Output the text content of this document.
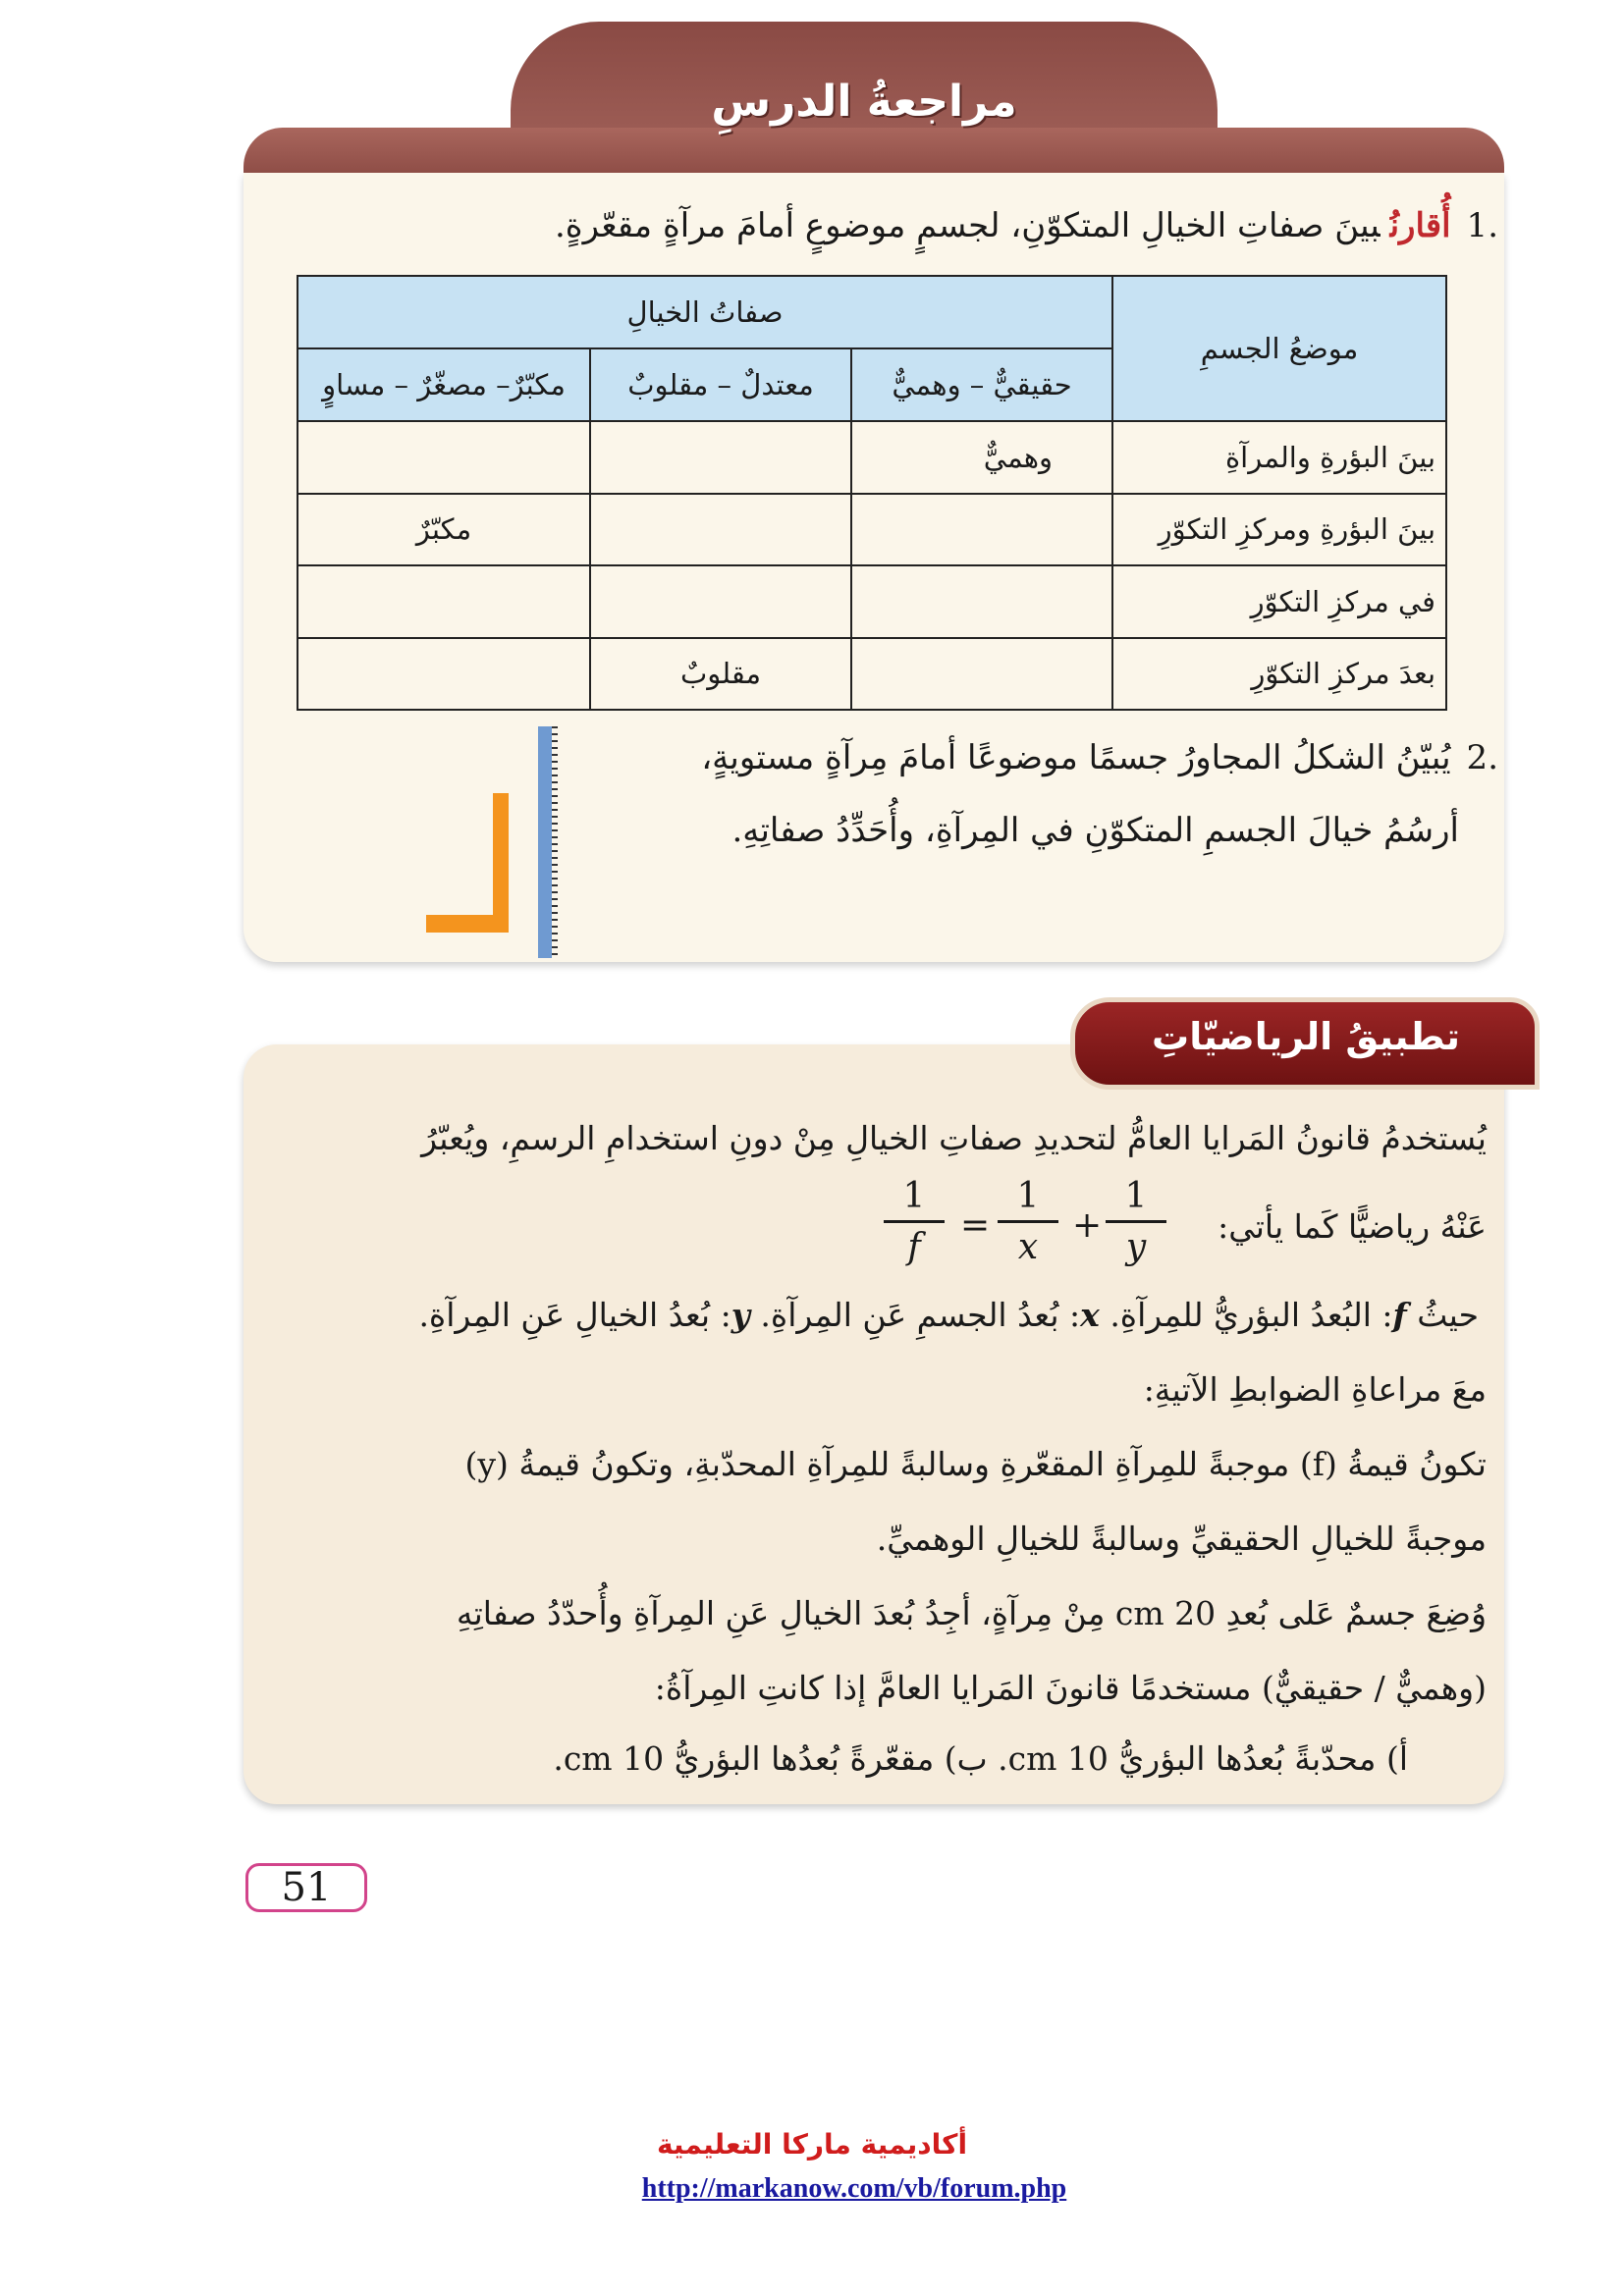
مراجعةُ الدرسِ
.1أُقارنُبينَ صفاتِ الخيالِ المتكوّنِ، لجسمٍ موضوعٍ أمامَ مرآةٍ مقعّرةٍ.
موضعُ الجسمِ	صفاتُ الخيالِ		
	حقيقيٌّ – وهميٌّ	معتدلٌ – مقلوبٌ	مكبّرٌ– مصغّرٌ – مساوٍ
بينَ البؤرةِ والمرآةِ	وهميٌّ		
بينَ البؤرةِ ومركزِ التكوّرِ			مكبّرٌ
في مركزِ التكوّرِ			
بعدَ مركزِ التكوّرِ		مقلوبٌ	
.2يُبيّنُ الشكلُ المجاورُ جسمًا موضوعًا أمامَ مِرآةٍ مستويةٍ،
أرسُمُ خيالَ الجسمِ المتكوّنِ في المِرآةِ، وأُحَدِّدُ صفاتِهِ.
تطبيقُ الرياضيّاتِ
يُستخدمُ قانونُ المَرايا العامُّ لتحديدِ صفاتِ الخيالِ مِنْ دونِ استخدامِ الرسمِ، ويُعبّرُ
عَنْهُ رياضيًّا كَما يأتي:
1
f
=
1
x
+
1
y
حيثُ f: البُعدُ البؤريُّ للمِرآةِ. x: بُعدُ الجسمِ عَنِ المِرآةِ. y: بُعدُ الخيالِ عَنِ المِرآةِ.
معَ مراعاةِ الضوابطِ الآتيةِ:
تكونُ قيمةُ (f) موجبةً للمِرآةِ المقعّرةِ وسالبةً للمِرآةِ المحدّبةِ، وتكونُ قيمةُ (y)
موجبةً للخيالِ الحقيقيِّ وسالبةً للخيالِ الوهميِّ.
وُضِعَ جسمٌ عَلى بُعدِ 20 cm مِنْ مِرآةٍ، أجِدُ بُعدَ الخيالِ عَنِ المِرآةِ وأُحدّدُ صفاتِهِ
(وهميٌّ / حقيقيٌّ) مستخدمًا قانونَ المَرايا العامَّ إذا كانتِ المِرآةُ:
أ) محدّبةً بُعدُها البؤريُّ 10 cm. ب) مقعّرةً بُعدُها البؤريُّ 10 cm.
51
أكاديمية ماركا التعليمية
http://markanow.com/vb/forum.php
